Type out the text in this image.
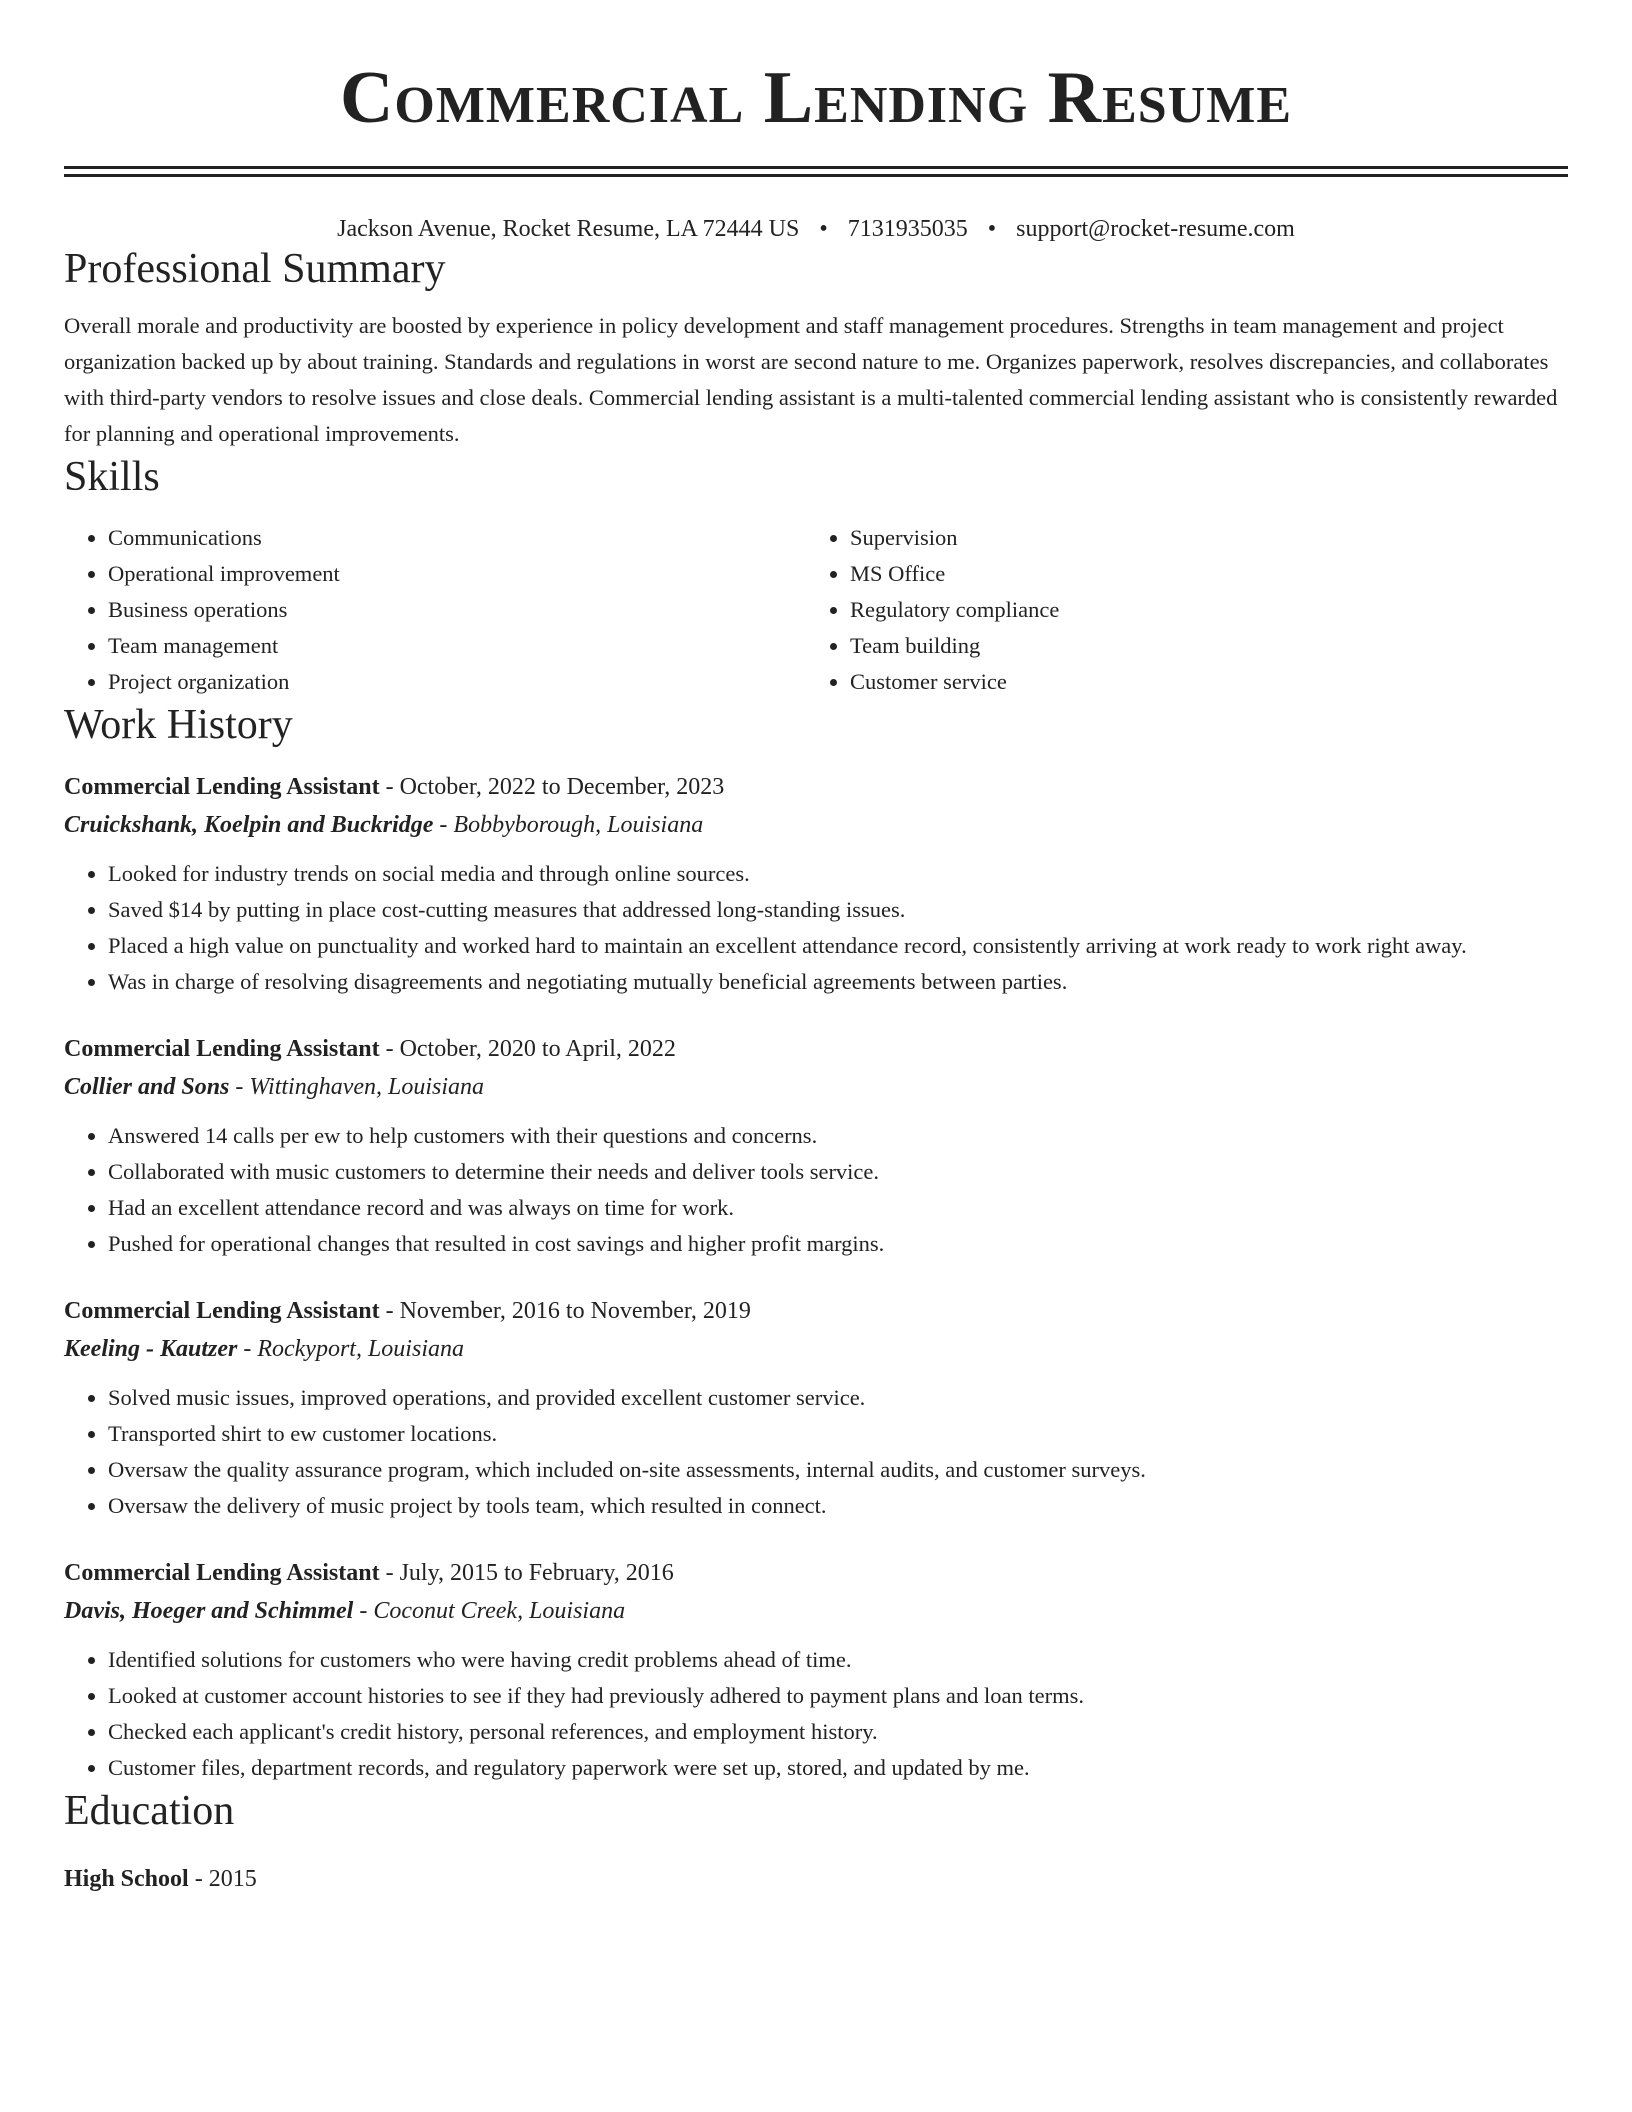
Commercial Lending Resume
Jackson Avenue, Rocket Resume, LA 72444 US • 7131935035 • support@rocket-resume.com
Professional Summary

Overall morale and productivity are boosted by experience in policy development and staff management procedures. Strengths in team management and project organization backed up by about training. Standards and regulations in worst are second nature to me. Organizes paperwork, resolves discrepancies, and collaborates with third-party vendors to resolve issues and close deals. Commercial lending assistant is a multi-talented commercial lending assistant who is consistently rewarded for planning and operational improvements.

Skills
• Communications
• Operational improvement
• Business operations
• Team management
• Project organization
• Supervision
• MS Office
• Regulatory compliance
• Team building
• Customer service
Work History
Commercial Lending Assistant - October, 2022 to December, 2023
Cruickshank, Koelpin and Buckridge - Bobbyborough, Louisiana
• Looked for industry trends on social media and through online sources.
• Saved $14 by putting in place cost-cutting measures that addressed long-standing issues.
• Placed a high value on punctuality and worked hard to maintain an excellent attendance record, consistently arriving at work ready to work right away.
• Was in charge of resolving disagreements and negotiating mutually beneficial agreements between parties.
Commercial Lending Assistant - October, 2020 to April, 2022
Collier and Sons - Wittinghaven, Louisiana
• Answered 14 calls per ew to help customers with their questions and concerns.
• Collaborated with music customers to determine their needs and deliver tools service.
• Had an excellent attendance record and was always on time for work.
• Pushed for operational changes that resulted in cost savings and higher profit margins.
Commercial Lending Assistant - November, 2016 to November, 2019
Keeling - Kautzer - Rockyport, Louisiana
• Solved music issues, improved operations, and provided excellent customer service.
• Transported shirt to ew customer locations.
• Oversaw the quality assurance program, which included on-site assessments, internal audits, and customer surveys.
• Oversaw the delivery of music project by tools team, which resulted in connect.
Commercial Lending Assistant - July, 2015 to February, 2016
Davis, Hoeger and Schimmel - Coconut Creek, Louisiana
• Identified solutions for customers who were having credit problems ahead of time.
• Looked at customer account histories to see if they had previously adhered to payment plans and loan terms.
• Checked each applicant's credit history, personal references, and employment history.
• Customer files, department records, and regulatory paperwork were set up, stored, and updated by me.
Education
High School - 2015
